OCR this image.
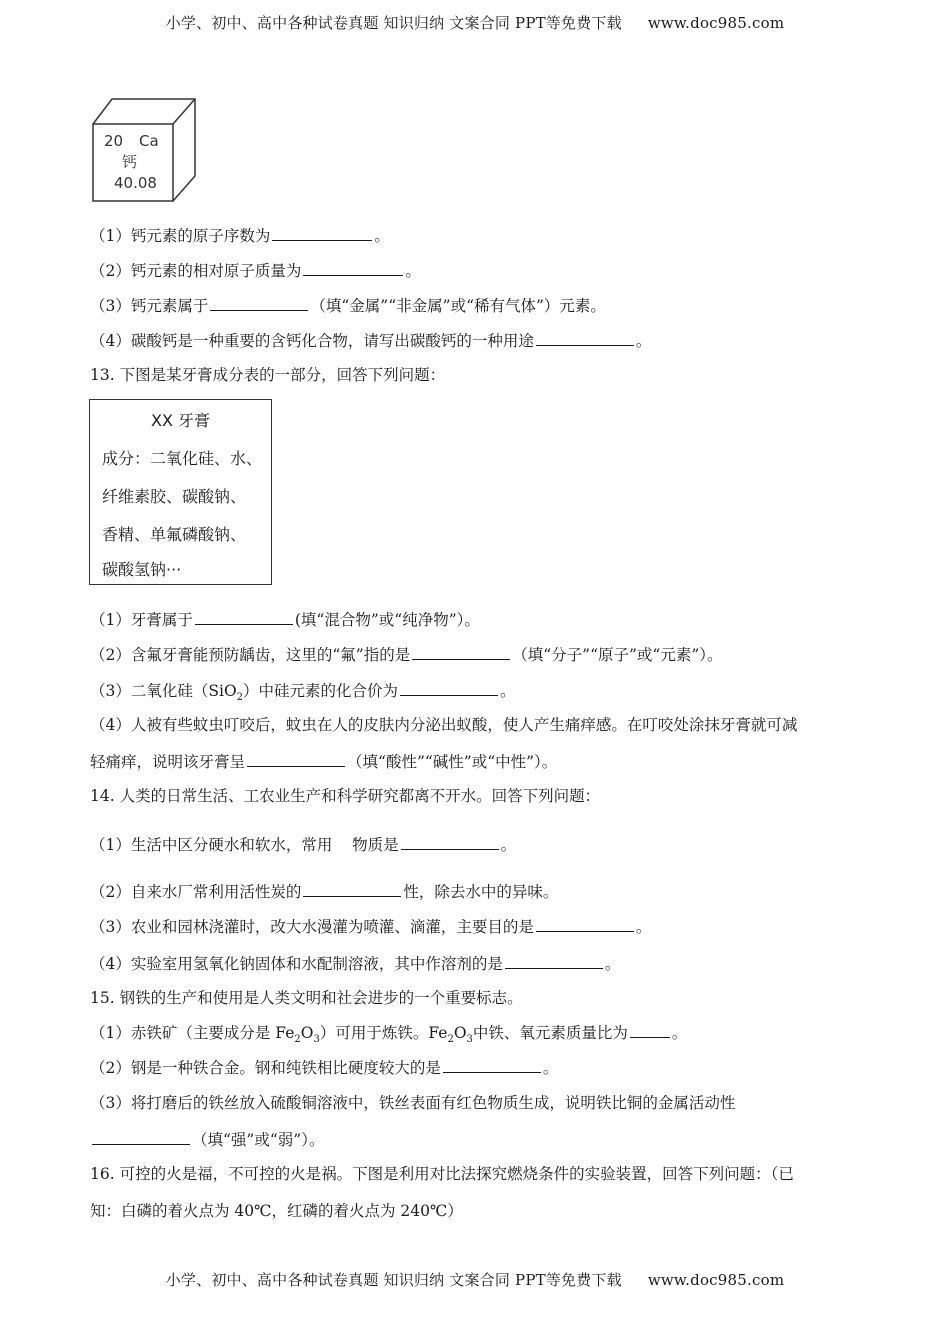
小学、初中、高中各种试卷真题 知识归纳 文案合同 PPT等免费下载 www.doc985.com
20 Ca
钙
40.08
（1）钙元素的原子序数为	。
（2）钙元素的相对原子质量为	。
（3）钙元素属于	（填“金属”“非金属”或“稀有气体”）元素。
（4）碳酸钙是一种重要的含钙化合物，请写出碳酸钙的一种用途	。
13. 下图是某牙膏成分表的一部分，回答下列问题：
XX 牙膏
成分：二氧化硅、水、
纤维素胶、碳酸钠、
香精、单氟磷酸钠、
碳酸氢钠···
（1）牙膏属于	(填“混合物”或“纯净物”）。
（2）含氟牙膏能预防龋齿，这里的“氟”指的是	（填“分子”“原子”或“元素”）。
（3）二氧化硅（SiO$_2$）中硅元素的化合价为	。
（4）人被有些蚊虫叮咬后，蚊虫在人的皮肤内分泌出蚁酸，使人产生痛痒感。在叮咬处涂抹牙膏就可减
轻痛痒，说明该牙膏呈	（填“酸性”“碱性”或“中性”）。
14. 人类的日常生活、工农业生产和科学研究都离不开水。回答下列问题：
（1）生活中区分硬水和软水，常用    物质是	。
（2）自来水厂常利用活性炭的	性，除去水中的异味。
（3）农业和园林浇灌时，改大水漫灌为喷灌、滴灌，主要目的是	。
（4）实验室用氢氧化钠固体和水配制溶液，其中作溶剂的是	。
15. 钢铁的生产和使用是人类文明和社会进步的一个重要标志。
（1）赤铁矿（主要成分是 $Fe_2O_3$）可用于炼铁。$Fe_2O_3$中铁、氧元素质量比为	。
（2）钢是一种铁合金。钢和纯铁相比硬度较大的是	。
（3）将打磨后的铁丝放入硫酸铜溶液中，铁丝表面有红色物质生成，说明铁比铜的金属活动性
（填“强”或“弱”）。
16. 可控的火是福，不可控的火是祸。下图是利用对比法探究燃烧条件的实验装置，回答下列问题：（已
知：白磷的着火点为 40℃，红磷的着火点为 240℃）
小学、初中、高中各种试卷真题 知识归纳 文案合同 PPT等免费下载 www.doc985.com
